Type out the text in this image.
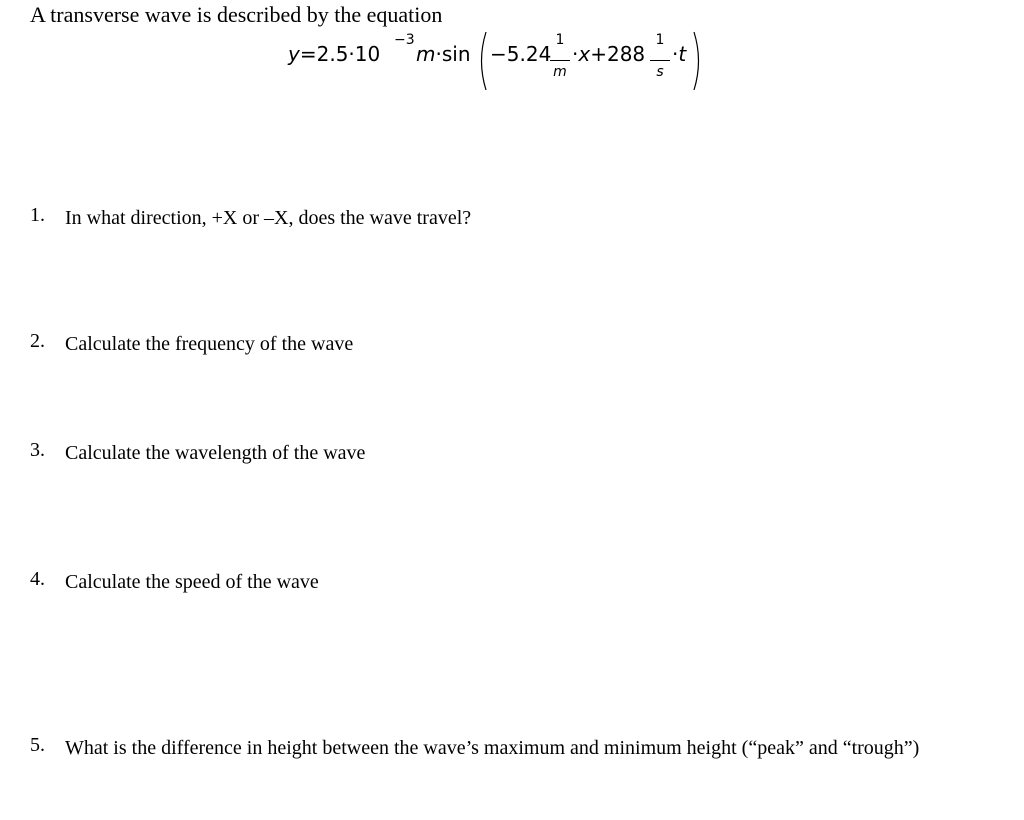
A transverse wave is described by the equation
y=2.5·10
−3
m·sin −5.24
1
m
·x+288
1
s
·t
1.	In what direction, +X or –X, does the wave travel?
2.	Calculate the frequency of the wave
3.	Calculate the wavelength of the wave
4.	Calculate the speed of the wave
5.	What is the difference in height between the wave’s maximum and minimum height (“peak” and “trough”)
